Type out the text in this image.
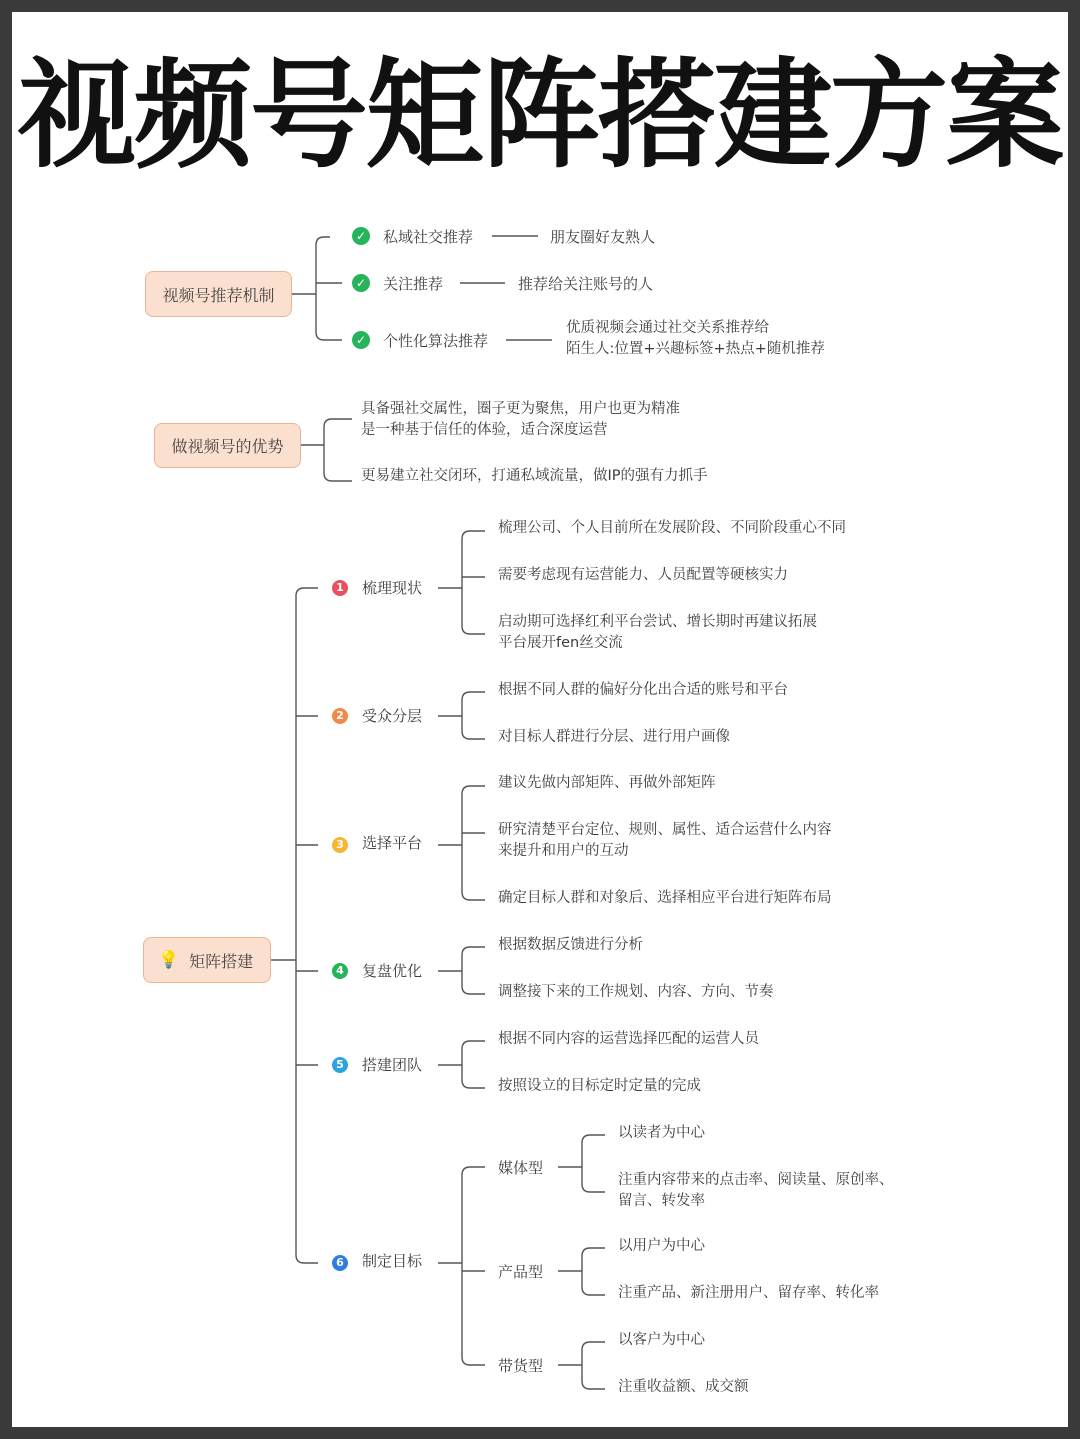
视频号矩阵搭建方案
视频号推荐机制
✓ 私域社交推荐	朋友圈好友熟人
✓ 关注推荐	推荐给关注账号的人
✓ 个性化算法推荐
优质视频会通过社交关系推荐给
陌生人:位置+兴趣标签+热点+随机推荐
做视频号的优势
具备强社交属性，圈子更为聚焦，用户也更为精准
是一种基于信任的体验，适合深度运营
更易建立社交闭环，打通私域流量，做IP的强有力抓手
💡 矩阵搭建
1 梳理现状
梳理公司、个人目前所在发展阶段、不同阶段重心不同
需要考虑现有运营能力、人员配置等硬核实力
启动期可选择红利平台尝试、增长期时再建议拓展
平台展开fen丝交流
2 受众分层
根据不同人群的偏好分化出合适的账号和平台
对目标人群进行分层、进行用户画像
3 选择平台
建议先做内部矩阵、再做外部矩阵
研究清楚平台定位、规则、属性、适合运营什么内容
来提升和用户的互动
确定目标人群和对象后、选择相应平台进行矩阵布局
4 复盘优化
根据数据反馈进行分析
调整接下来的工作规划、内容、方向、节奏
5 搭建团队
根据不同内容的运营选择匹配的运营人员
按照设立的目标定时定量的完成
6 制定目标
媒体型
以读者为中心
注重内容带来的点击率、阅读量、原创率、
留言、转发率
产品型
以用户为中心
注重产品、新注册用户、留存率、转化率
带货型
以客户为中心
注重收益额、成交额
